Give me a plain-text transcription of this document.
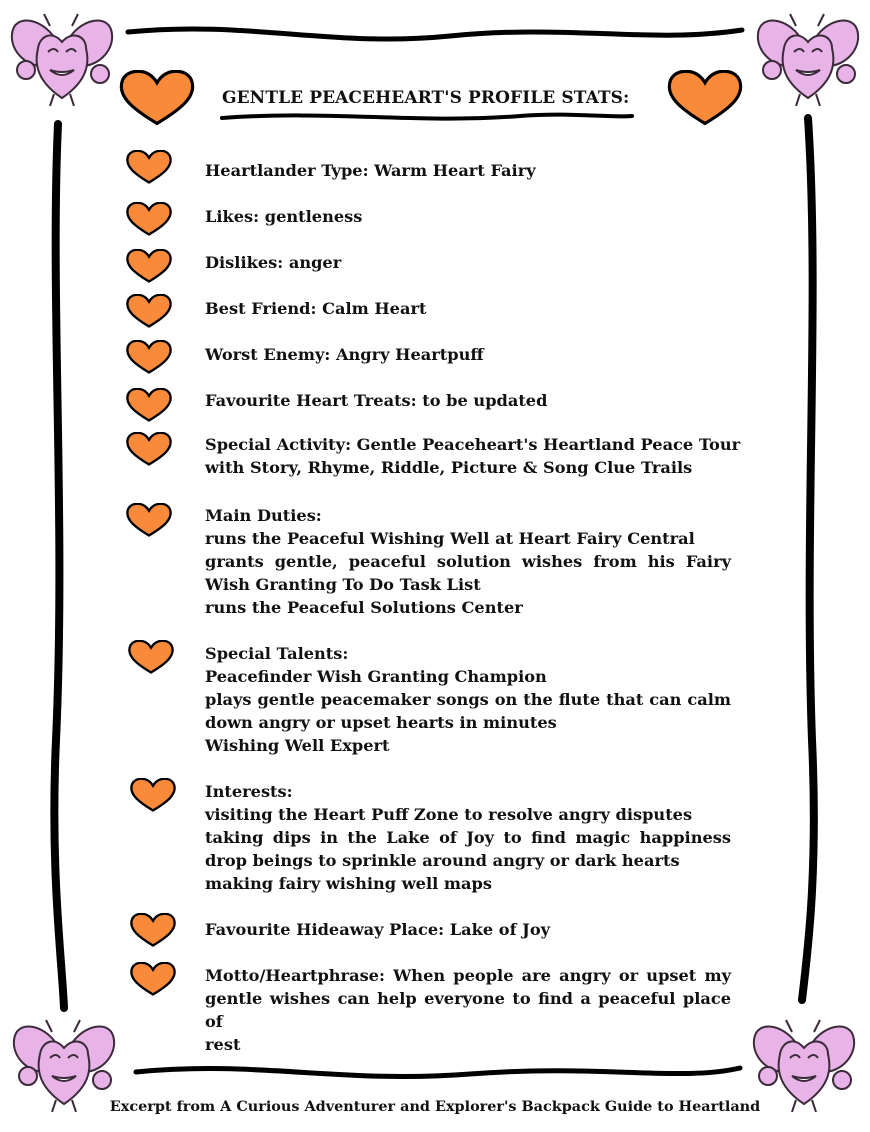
GENTLE PEACEHEART'S PROFILE STATS:
Heartlander Type: Warm Heart Fairy
Likes: gentleness
Dislikes: anger
Best Friend: Calm Heart
Worst Enemy: Angry Heartpuff
Favourite Heart Treats: to be updated
Special Activity: Gentle Peaceheart's Heartland Peace Tour
with Story, Rhyme, Riddle, Picture & Song Clue Trails
Main Duties:
runs the Peaceful Wishing Well at Heart Fairy Central
grants gentle, peaceful solution wishes from his Fairy
Wish Granting To Do Task List
runs the Peaceful Solutions Center
Special Talents:
Peacefinder Wish Granting Champion
plays gentle peacemaker songs on the flute that can calm
down angry or upset hearts in minutes
Wishing Well Expert
Interests:
visiting the Heart Puff Zone to resolve angry disputes
taking dips in the Lake of Joy to find magic happiness
drop beings to sprinkle around angry or dark hearts
making fairy wishing well maps
Favourite Hideaway Place: Lake of Joy
Motto/Heartphrase: When people are angry or upset my
gentle wishes can help everyone to find a peaceful place of
rest
Excerpt from A Curious Adventurer and Explorer's Backpack Guide to Heartland
